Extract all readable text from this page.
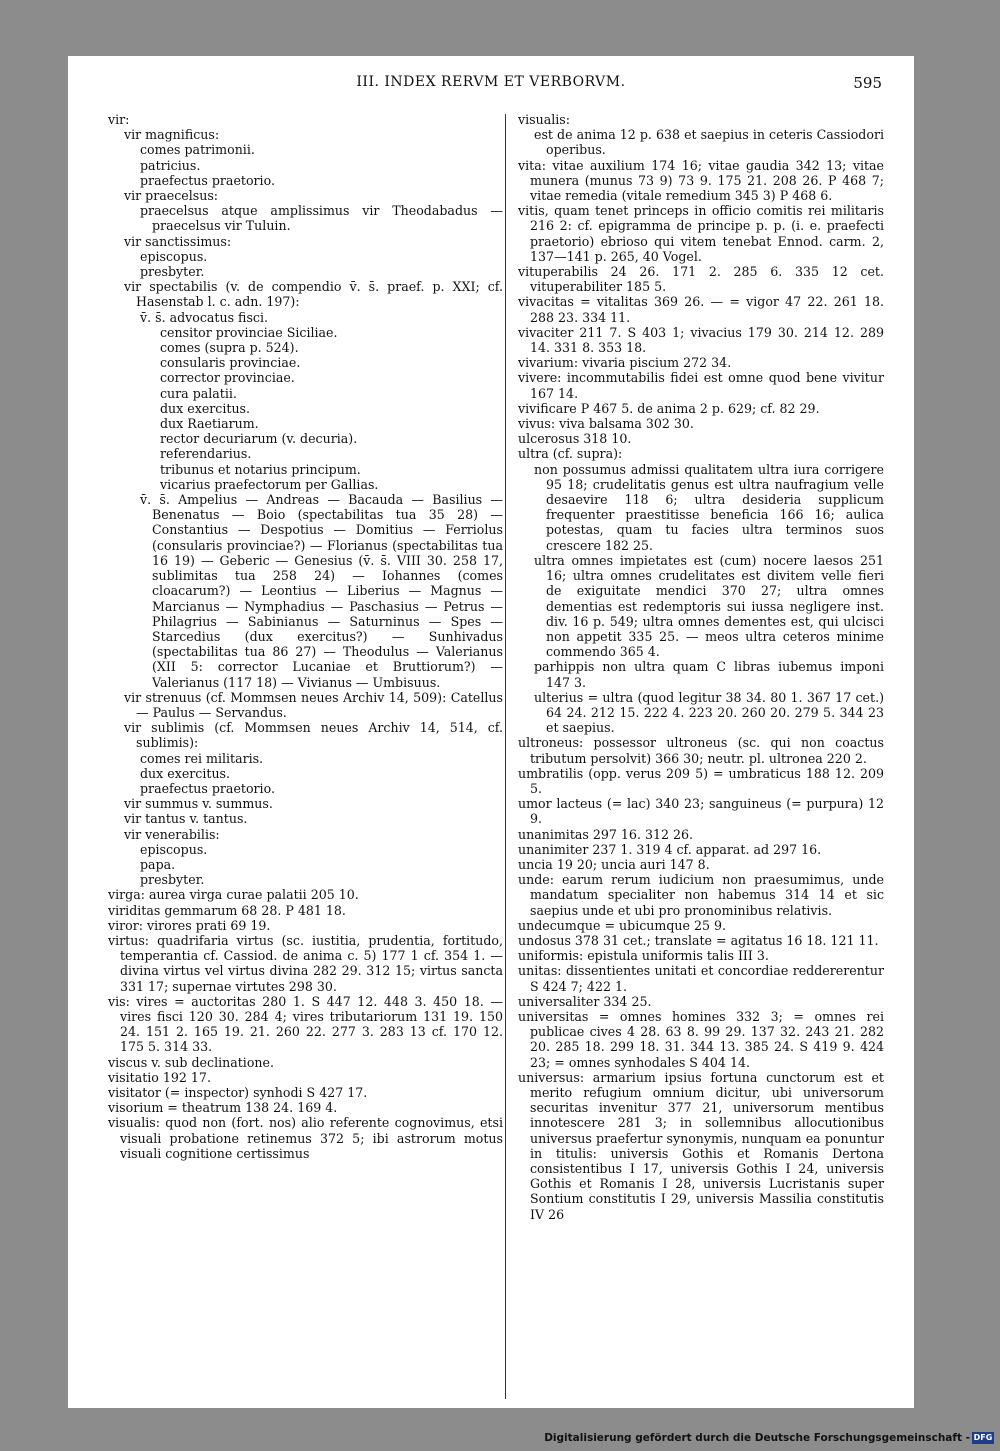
III. INDEX RERVM ET VERBORVM.	595

vir:

vir magnificus:

comes patrimonii.

patricius.

praefectus praetorio.

vir praecelsus:

praecelsus atque amplissimus vir Theodabadus — praecelsus vir Tuluin.

vir sanctissimus:

episcopus.

presbyter.

vir spectabilis (v. de compendio v̄. s̄. praef. p. XXI; cf. Hasenstab l. c. adn. 197):

v̄. s̄. advocatus fisci.

censitor provinciae Siciliae.

comes (supra p. 524).

consularis provinciae.

corrector provinciae.

cura palatii.

dux exercitus.

dux Raetiarum.

rector decuriarum (v. decuria).

referendarius.

tribunus et notarius principum.

vicarius praefectorum per Gallias.

v̄. s̄. Ampelius — Andreas — Bacauda — Basilius — Benenatus — Boio (spectabilitas tua 35 28) — Constantius — Despotius — Domitius — Ferriolus (consularis provinciae?) — Florianus (spectabilitas tua 16 19) — Geberic — Genesius (v̄. s̄. VIII 30. 258 17, sublimitas tua 258 24) — Iohannes (comes cloacarum?) — Leontius — Liberius — Magnus — Marcianus — Nymphadius — Paschasius — Petrus — Philagrius — Sabinianus — Saturninus — Spes — Starcedius (dux exercitus?) — Sunhivadus (spectabilitas tua 86 27) — Theodulus — Valerianus (XII 5: corrector Lucaniae et Bruttiorum?) — Valerianus (117 18) — Vivianus — Umbisuus.

vir strenuus (cf. Mommsen neues Archiv 14, 509): Catellus — Paulus — Servandus.

vir sublimis (cf. Mommsen neues Archiv 14, 514, cf. sublimis):

comes rei militaris.

dux exercitus.

praefectus praetorio.

vir summus v. summus.

vir tantus v. tantus.

vir venerabilis:

episcopus.

papa.

presbyter.

virga: aurea virga curae palatii 205 10.

viriditas gemmarum 68 28. P 481 18.

viror: virores prati 69 19.

virtus: quadrifaria virtus (sc. iustitia, prudentia, fortitudo, temperantia cf. Cassiod. de anima c. 5) 177 1 cf. 354 1. — divina virtus vel virtus divina 282 29. 312 15; virtus sancta 331 17; supernae virtutes 298 30.

vis: vires = auctoritas 280 1. S 447 12. 448 3. 450 18. — vires fisci 120 30. 284 4; vires tributariorum 131 19. 150 24. 151 2. 165 19. 21. 260 22. 277 3. 283 13 cf. 170 12. 175 5. 314 33.

viscus v. sub declinatione.

visitatio 192 17.

visitator (= inspector) synhodi S 427 17.

visorium = theatrum 138 24. 169 4.

visualis: quod non (fort. nos) alio referente cognovimus, etsi visuali probatione retinemus 372 5; ibi astrorum motus visuali cognitione certissimus

visualis:

est de anima 12 p. 638 et saepius in ceteris Cassiodori operibus.

vita: vitae auxilium 174 16; vitae gaudia 342 13; vitae munera (munus 73 9) 73 9. 175 21. 208 26. P 468 7; vitae remedia (vitale remedium 345 3) P 468 6.

vitis, quam tenet princeps in officio comitis rei militaris 216 2: cf. epigramma de principe p. p. (i. e. praefecti praetorio) ebrioso qui vitem tenebat Ennod. carm. 2, 137—141 p. 265, 40 Vogel.

vituperabilis 24 26. 171 2. 285 6. 335 12 cet. vituperabiliter 185 5.

vivacitas = vitalitas 369 26. — = vigor 47 22. 261 18. 288 23. 334 11.

vivaciter 211 7. S 403 1; vivacius 179 30. 214 12. 289 14. 331 8. 353 18.

vivarium: vivaria piscium 272 34.

vivere: incommutabilis fidei est omne quod bene vivitur 167 14.

vivificare P 467 5. de anima 2 p. 629; cf. 82 29.

vivus: viva balsama 302 30.

ulcerosus 318 10.

ultra (cf. supra):

non possumus admissi qualitatem ultra iura corrigere 95 18; crudelitatis genus est ultra naufragium velle desaevire 118 6; ultra desideria supplicum frequenter praestitisse beneficia 166 16; aulica potestas, quam tu facies ultra terminos suos crescere 182 25.

ultra omnes impietates est (cum) nocere laesos 251 16; ultra omnes crudelitates est divitem velle fieri de exiguitate mendici 370 27; ultra omnes dementias est redemptoris sui iussa negligere inst. div. 16 p. 549; ultra omnes dementes est, qui ulcisci non appetit 335 25. — meos ultra ceteros minime commendo 365 4.

parhippis non ultra quam C libras iubemus imponi 147 3.

ulterius = ultra (quod legitur 38 34. 80 1. 367 17 cet.) 64 24. 212 15. 222 4. 223 20. 260 20. 279 5. 344 23 et saepius.

ultroneus: possessor ultroneus (sc. qui non coactus tributum persolvit) 366 30; neutr. pl. ultronea 220 2.

umbratilis (opp. verus 209 5) = umbraticus 188 12. 209 5.

umor lacteus (= lac) 340 23; sanguineus (= purpura) 12 9.

unanimitas 297 16. 312 26.

unanimiter 237 1. 319 4 cf. apparat. ad 297 16.

uncia 19 20; uncia auri 147 8.

unde: earum rerum iudicium non praesumimus, unde mandatum specialiter non habemus 314 14 et sic saepius unde et ubi pro pronominibus relativis.

undecumque = ubicumque 25 9.

undosus 378 31 cet.; translate = agitatus 16 18. 121 11.

uniformis: epistula uniformis talis III 3.

unitas: dissentientes unitati et concordiae reddererentur S 424 7; 422 1.

universaliter 334 25.

universitas = omnes homines 332 3; = omnes rei publicae cives 4 28. 63 8. 99 29. 137 32. 243 21. 282 20. 285 18. 299 18. 31. 344 13. 385 24. S 419 9. 424 23; = omnes synhodales S 404 14.

universus: armarium ipsius fortuna cunctorum est et merito refugium omnium dicitur, ubi universorum securitas invenitur 377 21, universorum mentibus innotescere 281 3; in sollemnibus allocutionibus universus praefertur synonymis, nunquam ea ponuntur in titulis: universis Gothis et Romanis Dertona consistentibus I 17, universis Gothis I 24, universis Gothis et Romanis I 28, universis Lucristanis super Sontium constitutis I 29, universis Massilia constitutis IV 26

Digitalisierung gefördert durch die Deutsche Forschungsgemeinschaft - DFG
